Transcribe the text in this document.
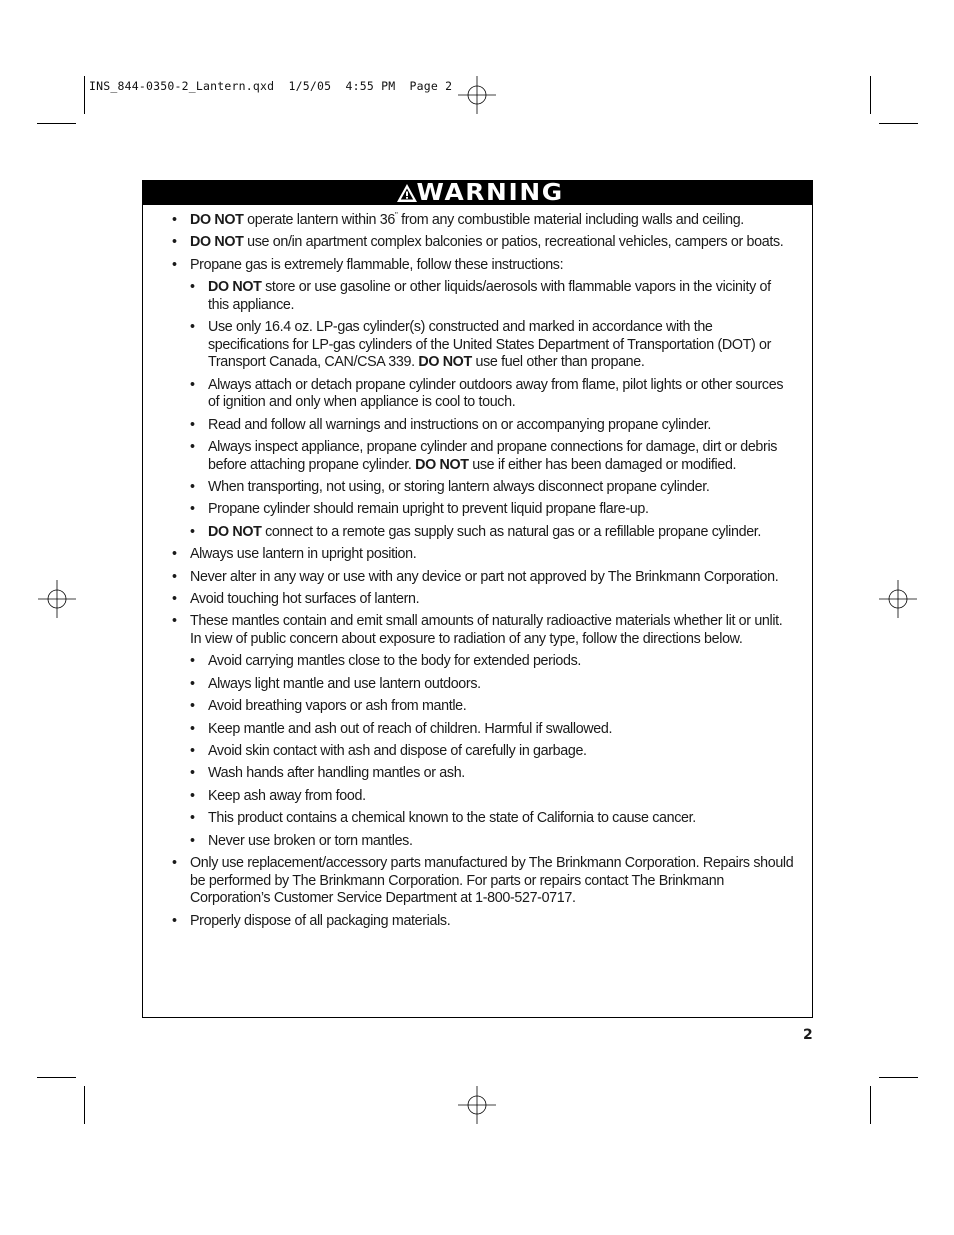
INS_844-0350-2_Lantern.qxd  1/5/05  4:55 PM  Page 2
WARNING
• DO NOT operate lantern within 36" from any combustible material including walls and ceiling.
• DO NOT use on/in apartment complex balconies or patios, recreational vehicles, campers or boats.
• Propane gas is extremely flammable, follow these instructions:
• DO NOT store or use gasoline or other liquids/aerosols with flammable vapors in the vicinity of this appliance.
• Use only 16.4 oz. LP-gas cylinder(s) constructed and marked in accordance with the specifications for LP-gas cylinders of the United States Department of Transportation (DOT) or Transport Canada, CAN/CSA 339. DO NOT use fuel other than propane.
• Always attach or detach propane cylinder outdoors away from flame, pilot lights or other sources of ignition and only when appliance is cool to touch.
• Read and follow all warnings and instructions on or accompanying propane cylinder.
• Always inspect appliance, propane cylinder and propane connections for damage, dirt or debris before attaching propane cylinder. DO NOT use if either has been damaged or modified.
• When transporting, not using, or storing lantern always disconnect propane cylinder.
• Propane cylinder should remain upright to prevent liquid propane flare-up.
• DO NOT connect to a remote gas supply such as natural gas or a refillable propane cylinder.
• Always use lantern in upright position.
• Never alter in any way or use with any device or part not approved by The Brinkmann Corporation.
• Avoid touching hot surfaces of lantern.
• These mantles contain and emit small amounts of naturally radioactive materials whether lit or unlit. In view of public concern about exposure to radiation of any type, follow the directions below.
• Avoid carrying mantles close to the body for extended periods.
• Always light mantle and use lantern outdoors.
• Avoid breathing vapors or ash from mantle.
• Keep mantle and ash out of reach of children. Harmful if swallowed.
• Avoid skin contact with ash and dispose of carefully in garbage.
• Wash hands after handling mantles or ash.
• Keep ash away from food.
• This product contains a chemical known to the state of California to cause cancer.
• Never use broken or torn mantles.
• Only use replacement/accessory parts manufactured by The Brinkmann Corporation. Repairs should be performed by The Brinkmann Corporation. For parts or repairs contact The Brinkmann Corporation’s Customer Service Department at 1-800-527-0717.
• Properly dispose of all packaging materials.
2
